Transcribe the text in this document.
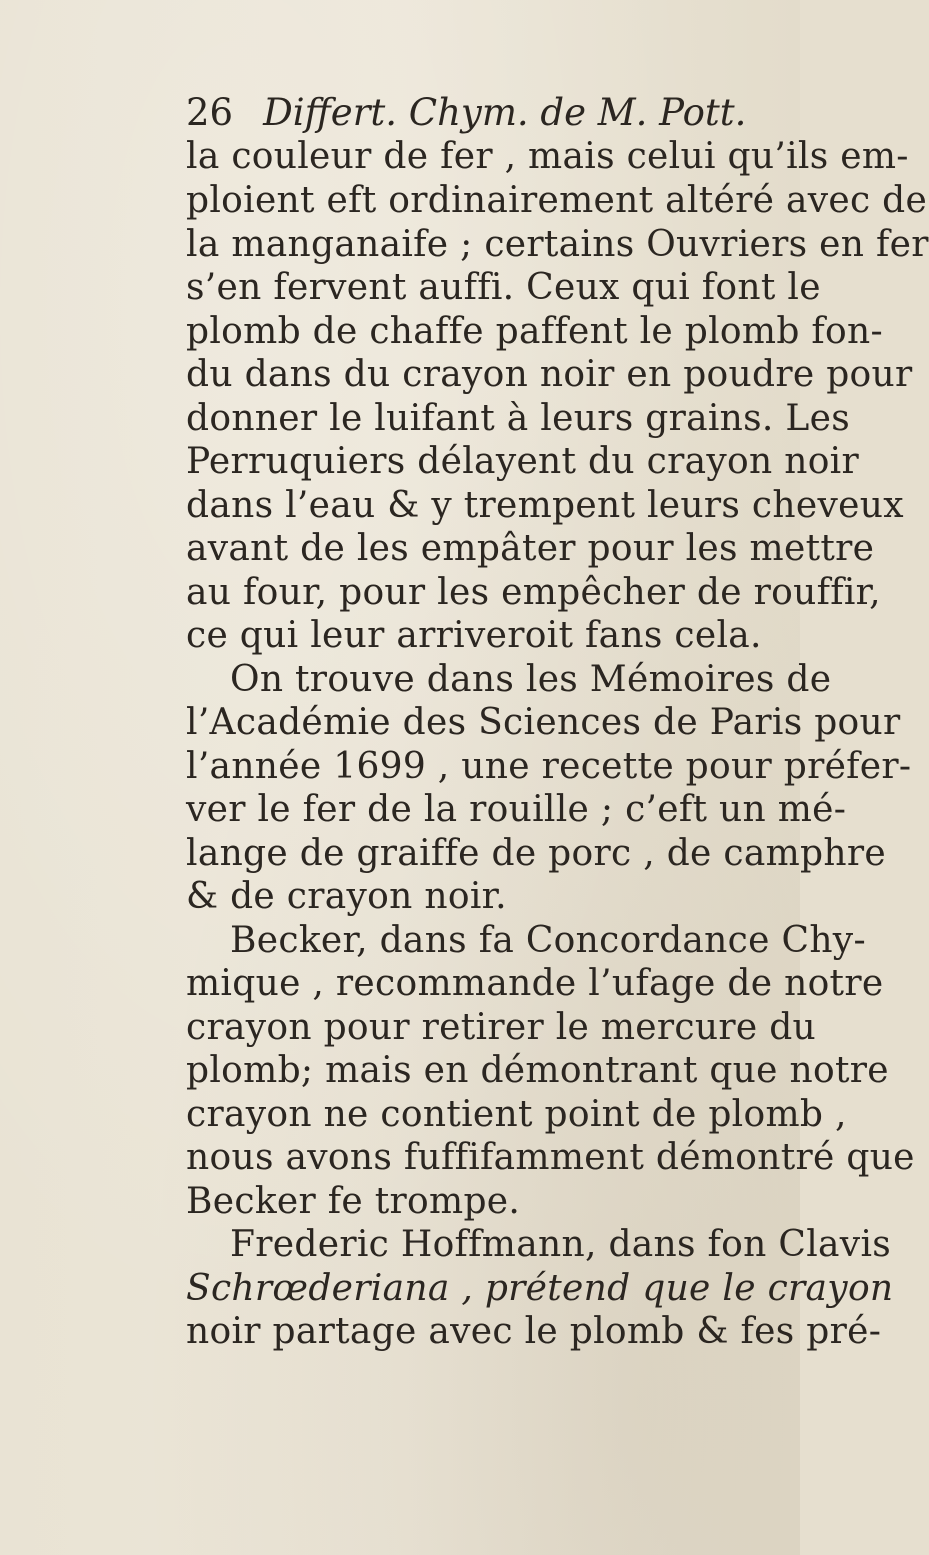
26 Differt. Chym. de M. Pott.
la couleur de fer , mais celui qu’ils em-
ploient eft ordinairement altéré avec de
la manganaife ; certains Ouvriers en fer
s’en fervent auffi. Ceux qui font le
plomb de chaffe paffent le plomb fon-
du dans du crayon noir en poudre pour
donner le luifant à leurs grains. Les
Perruquiers délayent du crayon noir
dans l’eau & y trempent leurs cheveux
avant de les empâter pour les mettre
au four, pour les empêcher de rouffir,
ce qui leur arriveroit fans cela.
On trouve dans les Mémoires de
l’Académie des Sciences de Paris pour
l’année 1699 , une recette pour préfer-
ver le fer de la rouille ; c’eft un mé-
lange de graiffe de porc , de camphre
& de crayon noir.
Becker, dans fa Concordance Chy-
mique , recommande l’ufage de notre
crayon pour retirer le mercure du
plomb; mais en démontrant que notre
crayon ne contient point de plomb ,
nous avons fuffifamment démontré que
Becker fe trompe.
Frederic Hoffmann, dans fon Clavis
Schrœderiana , prétend que le crayon
noir partage avec le plomb & fes pré-
